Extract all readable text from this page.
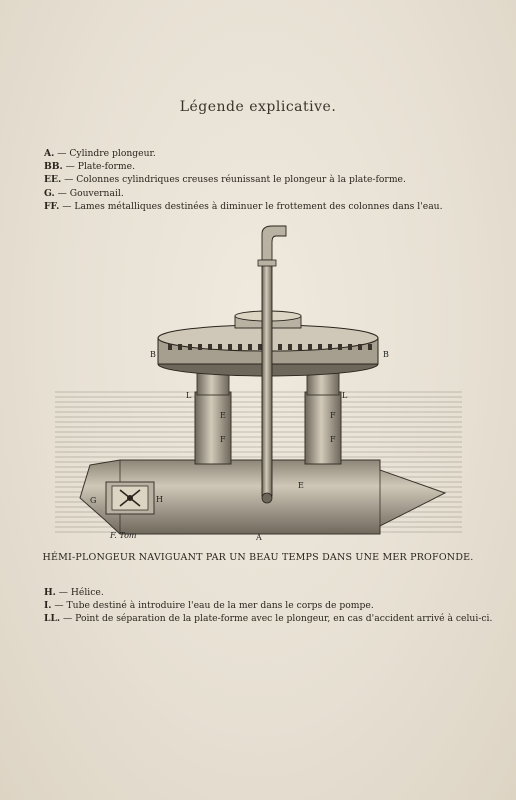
Légende explicative.
A. — Cylindre plongeur.
BB. — Plate-forme.
EE. — Colonnes cylindriques creuses réunissant le plongeur à la plate-forme.
G. — Gouvernail.
FF. — Lames métalliques destinées à diminuer le frottement des colonnes dans l'eau.
B	B
A
G	H
L	L
F	F
F
E
E
F. Tom
HÉMI-PLONGEUR NAVIGUANT PAR UN BEAU TEMPS DANS UNE MER PROFONDE.
H. — Hélice.
I. — Tube destiné à introduire l'eau de la mer dans le corps de pompe.
LL. — Point de séparation de la plate-forme avec le plongeur, en cas d'accident arrivé à celui-ci.
